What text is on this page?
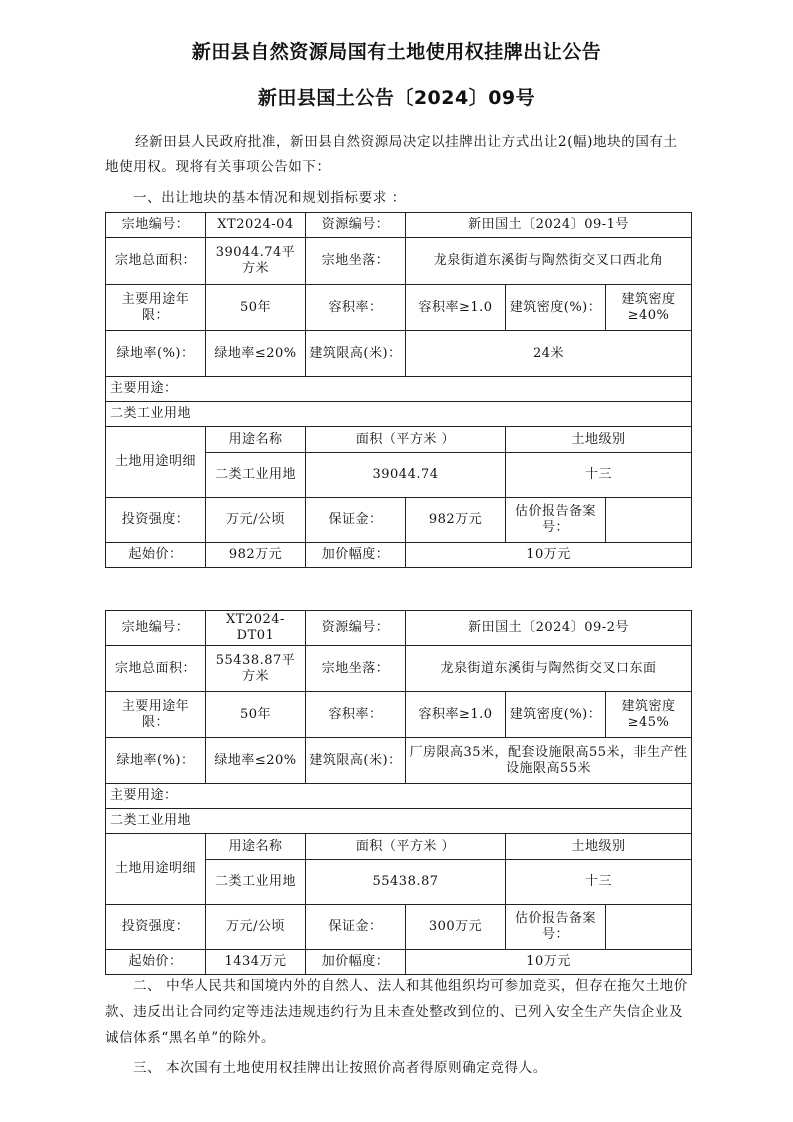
新田县自然资源局国有土地使用权挂牌出让公告
新田县国土公告〔2024〕09号
经新田县人民政府批准，新田县自然资源局决定以挂牌出让方式出让2(幅)地块的国有土地使用权。现将有关事项公告如下：
一、出让地块的基本情况和规划指标要求 ：
宗地编号：	XT2024-04	资源编号：	新田国土〔2024〕09-1号		
宗地总面积：	39044.74平方米	宗地坐落：	龙泉街道东溪街与陶然街交叉口西北角		
主要用途年限：	50年	容积率：	容积率≥1.0	建筑密度(%)：	建筑密度≥40%
绿地率(%)：	绿地率≤20%	建筑限高(米)：	24米		
主要用途：					
二类工业用地					
土地用途明细	用途名称	面积（平方米 ）		土地级别	
	二类工业用地	39044.74		十三	
投资强度：	万元/公顷	保证金：	982万元	估价报告备案号：	
起始价：	982万元	加价幅度：	10万元		
宗地编号：	XT2024-DT01	资源编号：	新田国土〔2024〕09-2号		
宗地总面积：	55438.87平方米	宗地坐落：	龙泉街道东溪街与陶然街交叉口东面		
主要用途年限：	50年	容积率：	容积率≥1.0	建筑密度(%)：	建筑密度≥45%
绿地率(%)：	绿地率≤20%	建筑限高(米)：	厂房限高35米，配套设施限高55米，非生产性设施限高55米		
主要用途：					
二类工业用地					
土地用途明细	用途名称	面积（平方米 ）		土地级别	
	二类工业用地	55438.87		十三	
投资强度：	万元/公顷	保证金：	300万元	估价报告备案号：	
起始价：	1434万元	加价幅度：	10万元		
二、 中华人民共和国境内外的自然人、法人和其他组织均可参加竞买，但存在拖欠土地价款、违反出让合同约定等违法违规违约行为且未查处整改到位的、已列入安全生产失信企业及诚信体系“黑名单”的除外。
三、 本次国有土地使用权挂牌出让按照价高者得原则确定竞得人。
